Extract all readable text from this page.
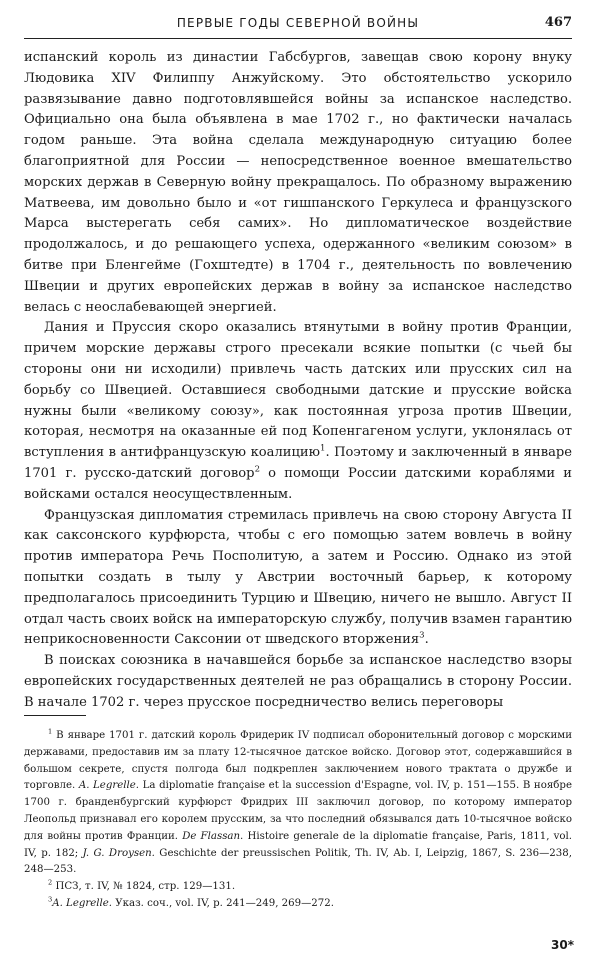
ПЕРВЫЕ ГОДЫ СЕВЕРНОЙ ВОЙНЫ	467

испанский король из династии Габсбургов, завещав свою корону внуку Людовика XIV Филиппу Анжуйскому. Это обстоятельство ускорило развязывание давно подготовлявшейся войны за испанское наследство. Официально она была объявлена в мае 1702 г., но фактически началась годом раньше. Эта война сделала международную ситуацию более благоприятной для России — непосредственное военное вмешательство морских держав в Северную войну прекращалось. По образному выражению Матвеева, им довольно было и «от гишпанского Геркулеса и французского Марса выстерегать себя самих». Но дипломатическое воздействие продолжалось, и до решающего успеха, одержанного «великим союзом» в битве при Бленгейме (Гохштедте) в 1704 г., деятельность по вовлечению Швеции и других европейских держав в войну за испанское наследство велась с неослабевающей энергией.

Дания и Пруссия скоро оказались втянутыми в войну против Франции, причем морские державы строго пресекали всякие попытки (с чьей бы стороны они ни исходили) привлечь часть датских или прусских сил на борьбу со Швецией. Оставшиеся свободными датские и прусские войска нужны были «великому союзу», как постоянная угроза против Швеции, которая, несмотря на оказанные ей под Копенгагеном услуги, уклонялась от вступления в антифранцузскую коалицию$^1$. Поэтому и заключенный в январе 1701 г. русско-датский договор$^2$ о помощи России датскими кораблями и войсками остался неосуществленным.

Французская дипломатия стремилась привлечь на свою сторону Августа II как саксонского курфюрста, чтобы с его помощью затем вовлечь в войну против императора Речь Посполитую, а затем и Россию. Однако из этой попытки создать в тылу у Австрии восточный барьер, к которому предполагалось присоединить Турцию и Швецию, ничего не вышло. Август II отдал часть своих войск на императорскую службу, получив взамен гарантию неприкосновенности Саксонии от шведского вторжения$^3$.

В поисках союзника в начавшейся борьбе за испанское наследство взоры европейских государственных деятелей не раз обращались в сторону России. В начале 1702 г. через прусское посредничество велись переговоры

$^1$ В январе 1701 г. датский король Фридерик IV подписал оборонительный договор с морскими державами, предоставив им за плату 12-тысячное датское войско. Договор этот, содержавшийся в большом секрете, спустя полгода был подкреплен заключением нового трактата о дружбе и торговле. A. Legrelle. La diplomatie française et la succession d'Espagne, vol. IV, p. 151—155. В ноябре 1700 г. бранденбургский курфюрст Фридрих III заключил договор, по которому император Леопольд признавал его королем прусским, за что последний обязывался дать 10-тысячное войско для войны против Франции. De Flassan. Histoire generale de la diplomatie française, Paris, 1811, vol. IV, p. 182; J. G. Droysen. Geschichte der preussischen Politik, Th. IV, Ab. I, Leipzig, 1867, S. 236—238, 248—253.

$^2$ ПСЗ, т. IV, № 1824, стр. 129—131.

$^3$A. Legrelle. Указ. соч., vol. IV, p. 241—249, 269—272.

30*
